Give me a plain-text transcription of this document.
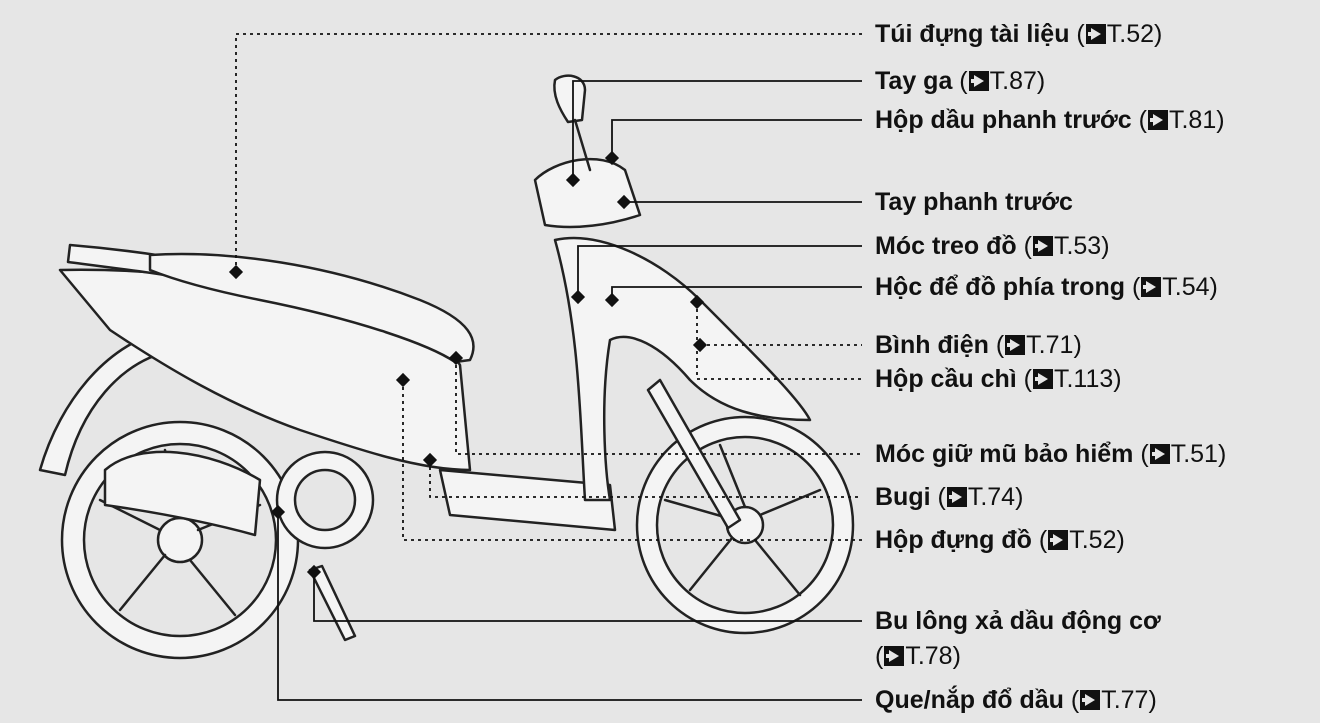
Túi đựng tài liệu ( T.52)
Tay ga ( T.87)
Hộp dầu phanh trước ( T.81)
Tay phanh trước
Móc treo đồ ( T.53)
Hộc để đồ phía trong ( T.54)
Bình điện ( T.71)
Hộp cầu chì ( T.113)
Móc giữ mũ bảo hiểm ( T.51)
Bugi ( T.74)
Hộp đựng đồ ( T.52)
Bu lông xả dầu động cơ
( T.78)
Que/nắp đổ dầu ( T.77)
